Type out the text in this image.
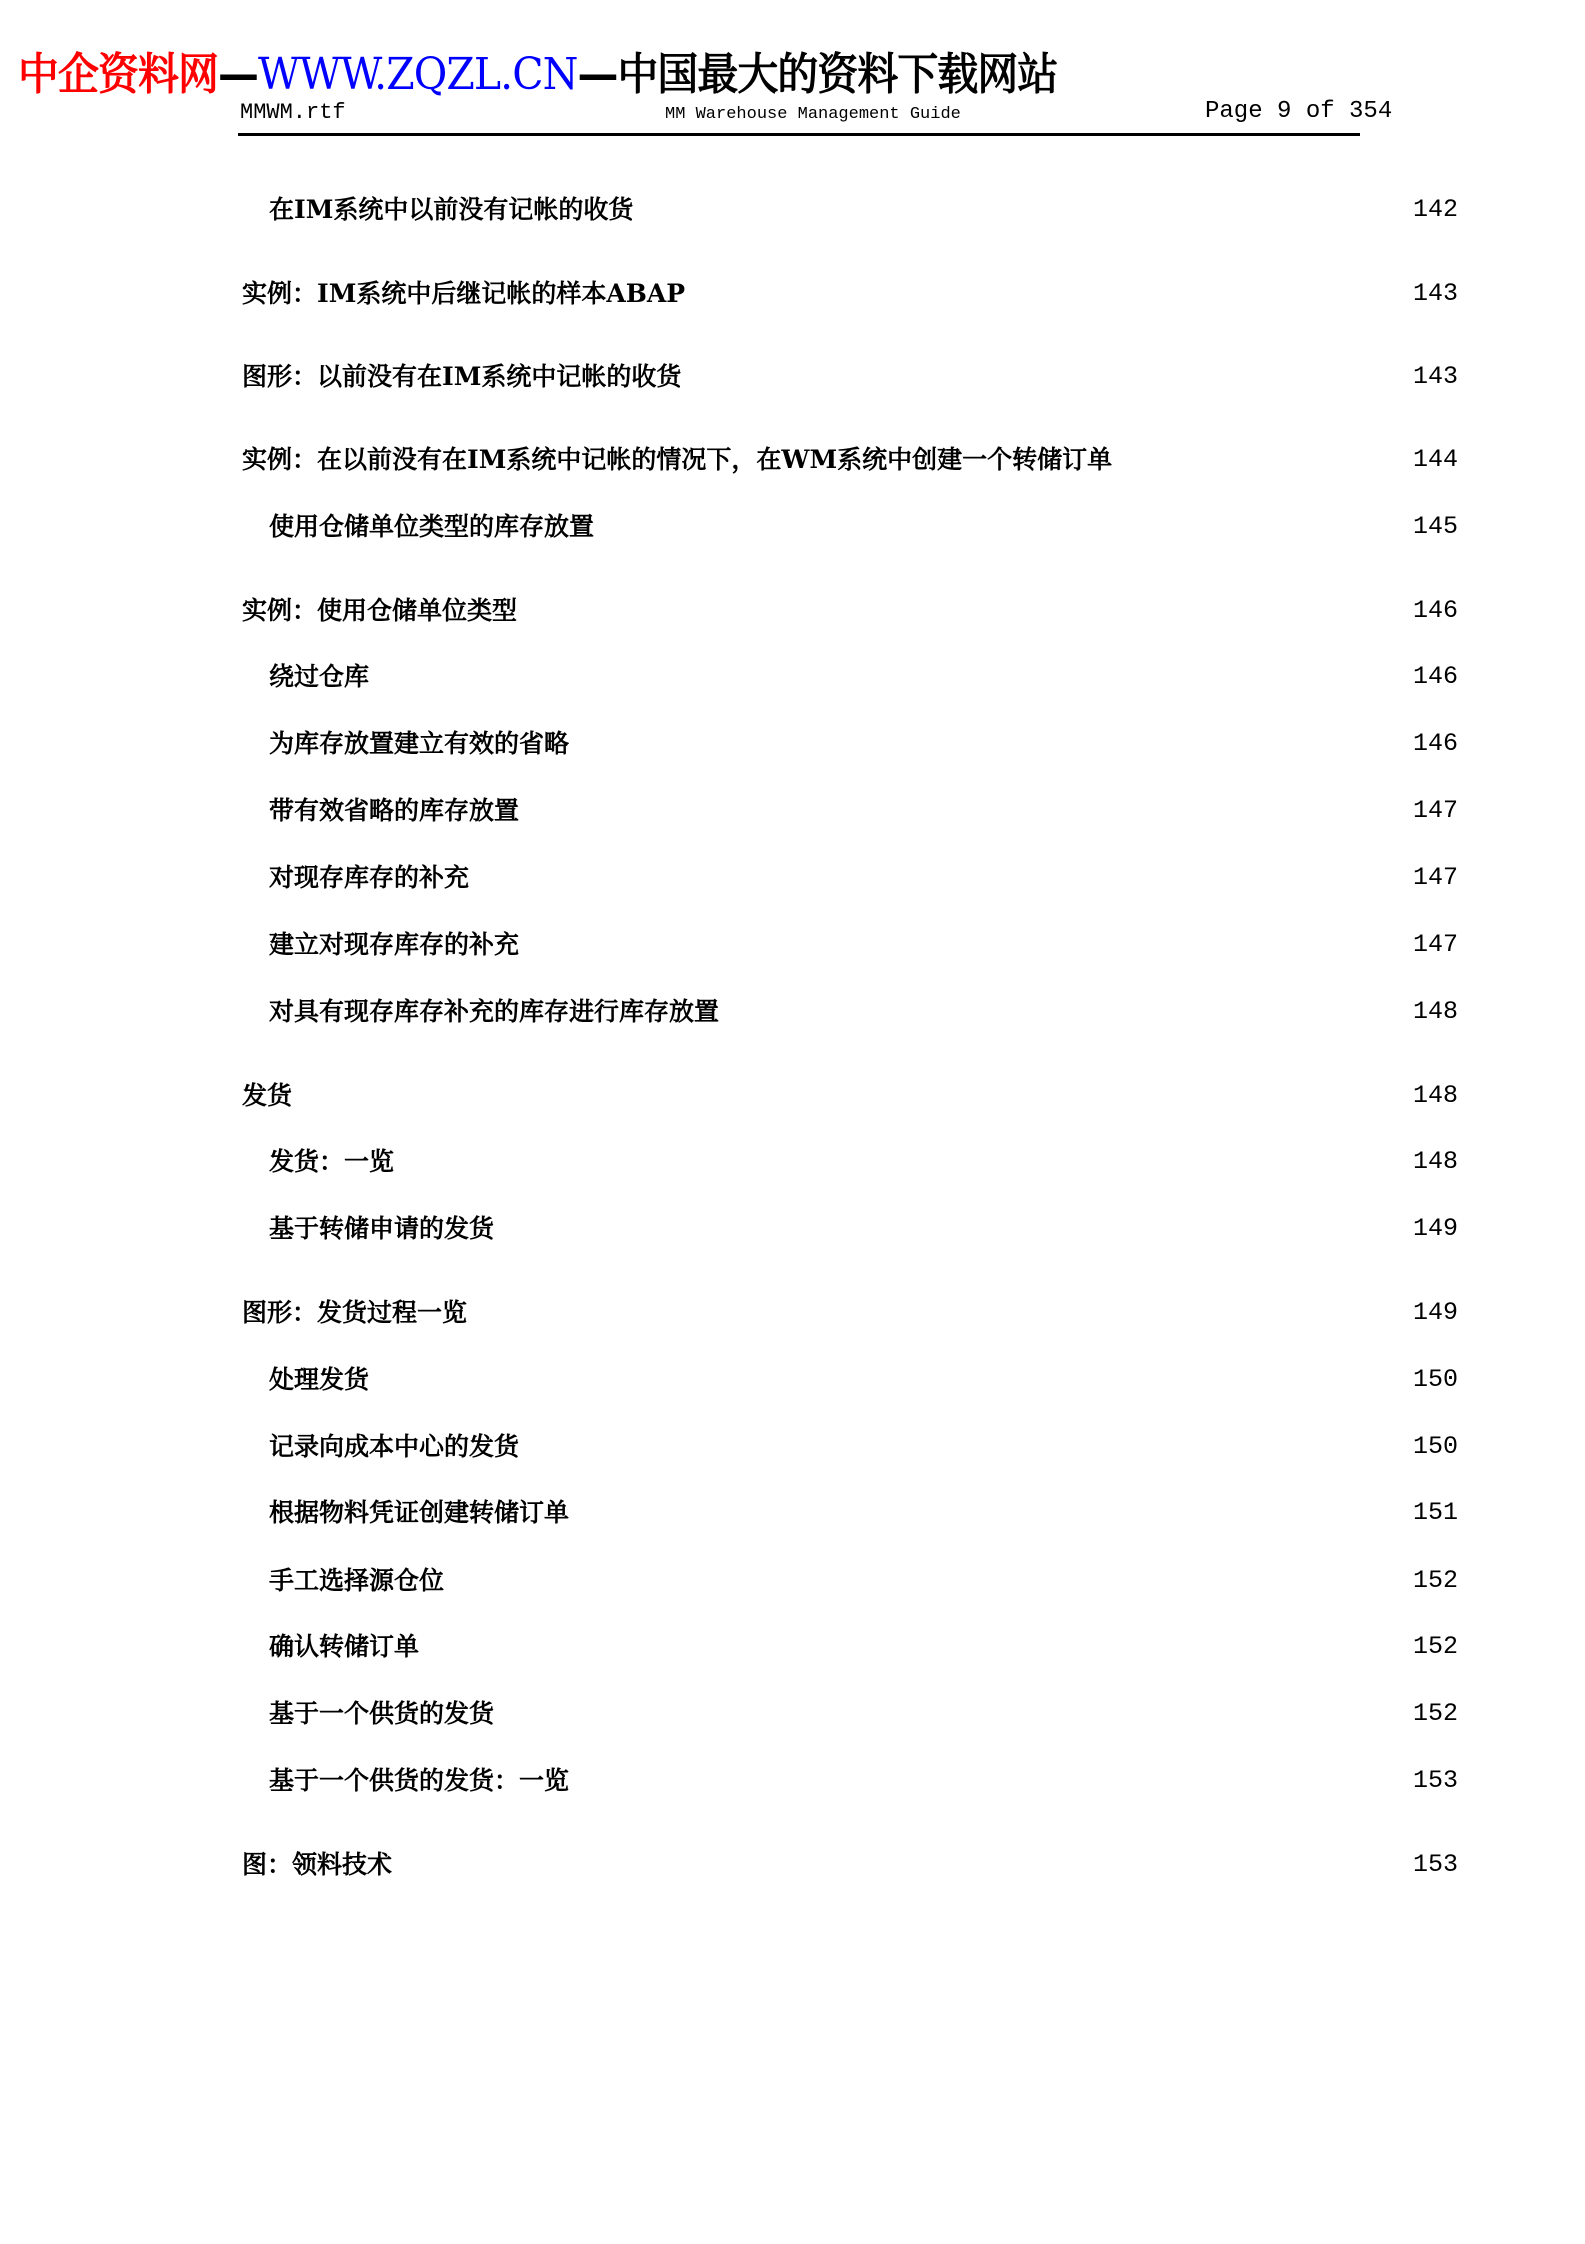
中企资料网—WWW.ZQZL.CN—中国最大的资料下载网站
MMWM.rtf	MM Warehouse Management Guide	Page 9 of 354
在IM系统中以前没有记帐的收货	142
实例：IM系统中后继记帐的样本ABAP	143
图形：以前没有在IM系统中记帐的收货	143
实例：在以前没有在IM系统中记帐的情况下，在WM系统中创建一个转储订单	144
使用仓储单位类型的库存放置	145
实例：使用仓储单位类型	146
绕过仓库	146
为库存放置建立有效的省略	146
带有效省略的库存放置	147
对现存库存的补充	147
建立对现存库存的补充	147
对具有现存库存补充的库存进行库存放置	148
发货	148
发货：一览	148
基于转储申请的发货	149
图形：发货过程一览	149
处理发货	150
记录向成本中心的发货	150
根据物料凭证创建转储订单	151
手工选择源仓位	152
确认转储订单	152
基于一个供货的发货	152
基于一个供货的发货：一览	153
图：领料技术	153
